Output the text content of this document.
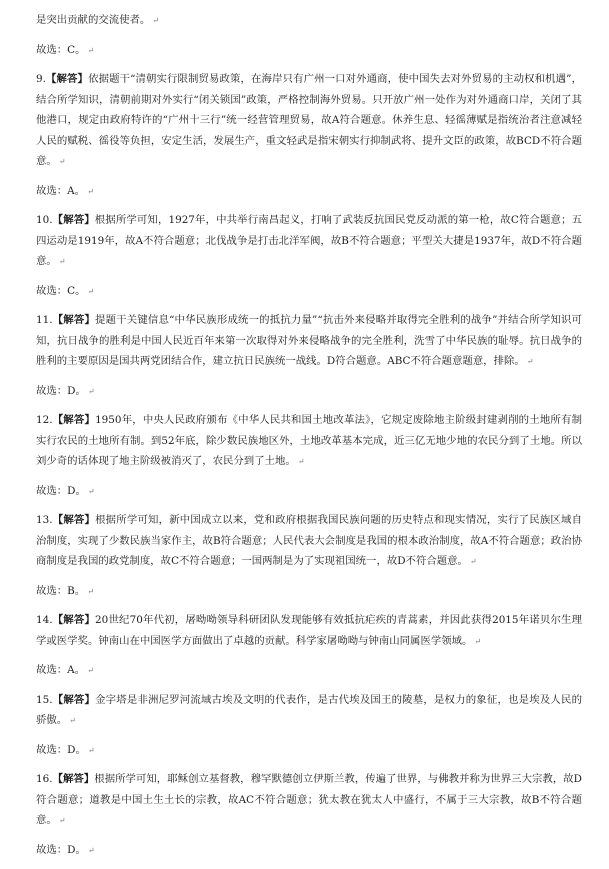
是突出贡献的交流使者。 ↵
故选：C。 ↵
9.【解答】依据题干“清朝实行限制贸易政策，在海岸只有广州一口对外通商，使中国失去对外贸易的主动权和机遇”，结合所学知识，清朝前期对外实行“闭关锁国”政策，严格控制海外贸易。只开放广州一处作为对外通商口岸，关闭了其他港口，规定由政府特许的“广州十三行”统一经营管理贸易，故A符合题意。休养生息、轻徭薄赋是指统治者注意减轻人民的赋税、徭役等负担，安定生活，发展生产，重文轻武是指宋朝实行抑制武将、提升文臣的政策，故BCD不符合题意。 ↵
故选：A。 ↵
10.【解答】根据所学可知，1927年，中共举行南昌起义，打响了武装反抗国民党反动派的第一枪，故C符合题意；五四运动是1919年，故A不符合题意；北伐战争是打击北洋军阀，故B不符合题意；平型关大捷是1937年，故D不符合题意。 ↵
故选：C。 ↵
11.【解答】提题干关键信息“中华民族形成统一的抵抗力量”“抗击外来侵略并取得完全胜利的战争”并结合所学知识可知，抗日战争的胜利是中国人民近百年来第一次取得对外来侵略战争的完全胜利，洗雪了中华民族的耻辱。抗日战争的胜利的主要原因是国共两党团结合作，建立抗日民族统一战线。D符合题意。ABC不符合题意题意，排除。 ↵
故选：D。 ↵
12.【解答】1950年，中央人民政府颁布《中华人民共和国土地改革法》，它规定废除地主阶级封建剥削的土地所有制实行农民的土地所有制。到52年底，除少数民族地区外，土地改革基本完成，近三亿无地少地的农民分到了土地。所以刘少奇的话体现了地主阶级被消灭了，农民分到了土地。 ↵
故选：D。 ↵
13.【解答】根据所学可知，新中国成立以来，党和政府根据我国民族问题的历史特点和现实情况，实行了民族区域自治制度，实现了少数民族当家作主，故B符合题意；人民代表大会制度是我国的根本政治制度，故A不符合题意；政治协商制度是我国的政党制度，故C不符合题意；一国两制是为了实现祖国统一，故D不符合题意。 ↵
故选：B。 ↵
14.【解答】20世纪70年代初，屠呦呦领导科研团队发现能够有效抵抗疟疾的青蒿素，并因此获得2015年诺贝尔生理学或医学奖。钟南山在中国医学方面做出了卓越的贡献。科学家屠呦呦与钟南山同属医学领域。 ↵
故选：A。 ↵
15.【解答】金字塔是非洲尼罗河流域古埃及文明的代表作，是古代埃及国王的陵墓，是权力的象征，也是埃及人民的骄傲。 ↵
故选：D。 ↵
16.【解答】根据所学可知，耶稣创立基督教，穆罕默德创立伊斯兰教，传遍了世界，与佛教并称为世界三大宗教，故D符合题意；道教是中国土生土长的宗教，故AC不符合题意；犹太教在犹太人中盛行，不属于三大宗教，故B不符合题意。 ↵
故选：D。 ↵
